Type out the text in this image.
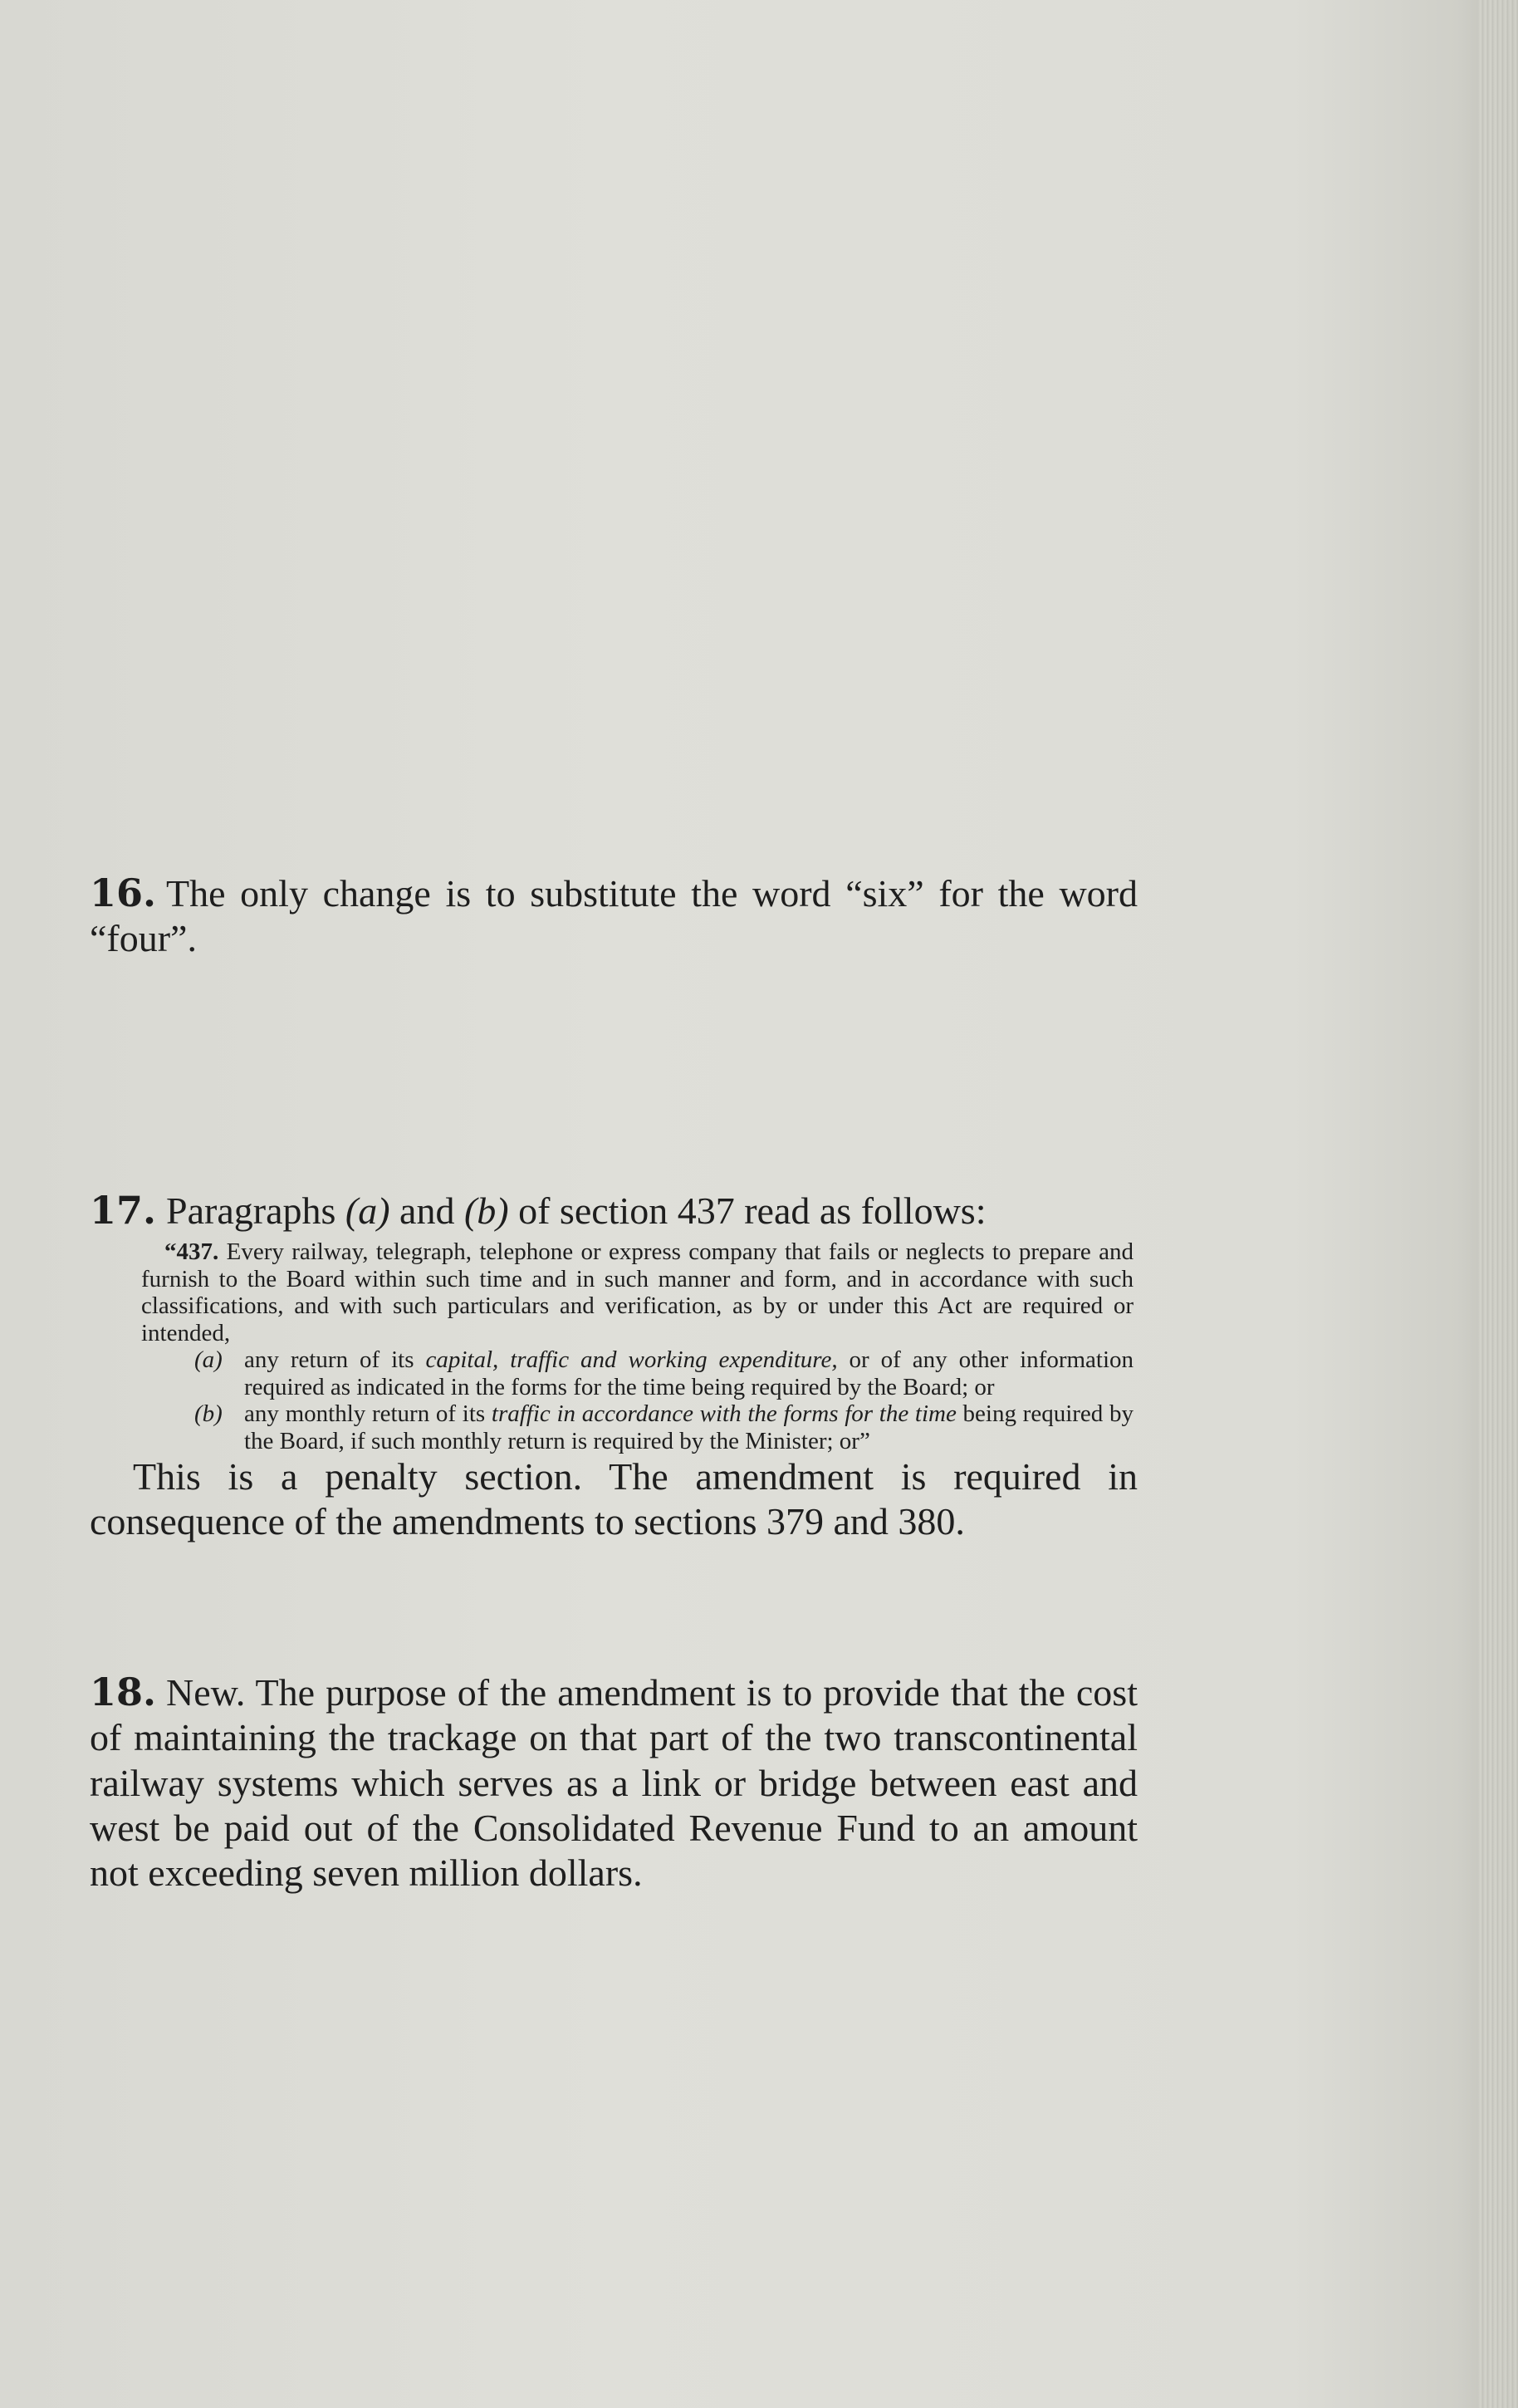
16. The only change is to substitute the word “six” for the word “four”.

17. Paragraphs (a) and (b) of section 437 read as follows:

“437. Every railway, telegraph, telephone or express company that fails or neglects to prepare and furnish to the Board within such time and in such manner and form, and in accordance with such classifications, and with such particulars and verification, as by or under this Act are required or intended,

(a) any return of its capital, traffic and working expenditure, or of any other information required as indicated in the forms for the time being required by the Board; or
(b) any monthly return of its traffic in accordance with the forms for the time being required by the Board, if such monthly return is required by the Minister; or”

This is a penalty section. The amendment is required in consequence of the amendments to sections 379 and 380.

18. New. The purpose of the amendment is to provide that the cost of maintaining the trackage on that part of the two transcontinental railway systems which serves as a link or bridge between east and west be paid out of the Consolidated Revenue Fund to an amount not exceeding seven million dollars.
